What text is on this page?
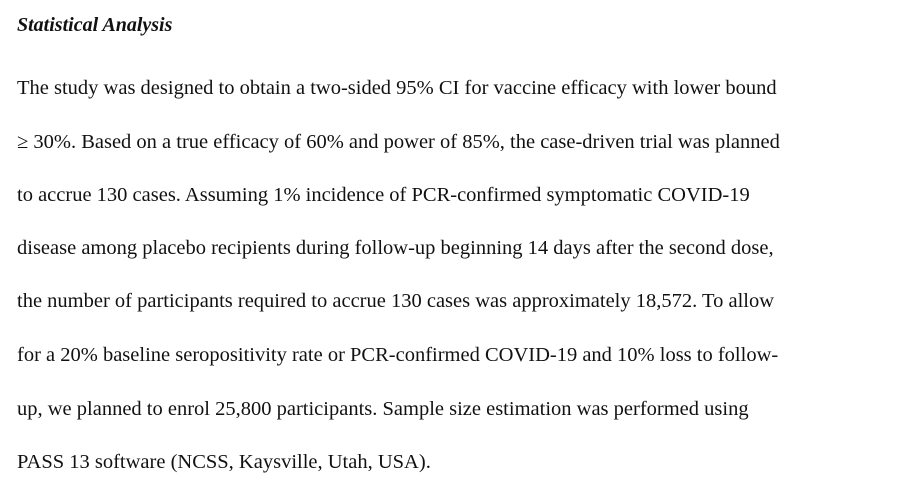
Statistical Analysis

The study was designed to obtain a two-sided 95% CI for vaccine efficacy with lower bound

≥ 30%. Based on a true efficacy of 60% and power of 85%, the case-driven trial was planned

to accrue 130 cases. Assuming 1% incidence of PCR-confirmed symptomatic COVID-19

disease among placebo recipients during follow-up beginning 14 days after the second dose,

the number of participants required to accrue 130 cases was approximately 18,572. To allow

for a 20% baseline seropositivity rate or PCR-confirmed COVID-19 and 10% loss to follow-

up, we planned to enrol 25,800 participants. Sample size estimation was performed using

PASS 13 software (NCSS, Kaysville, Utah, USA).
